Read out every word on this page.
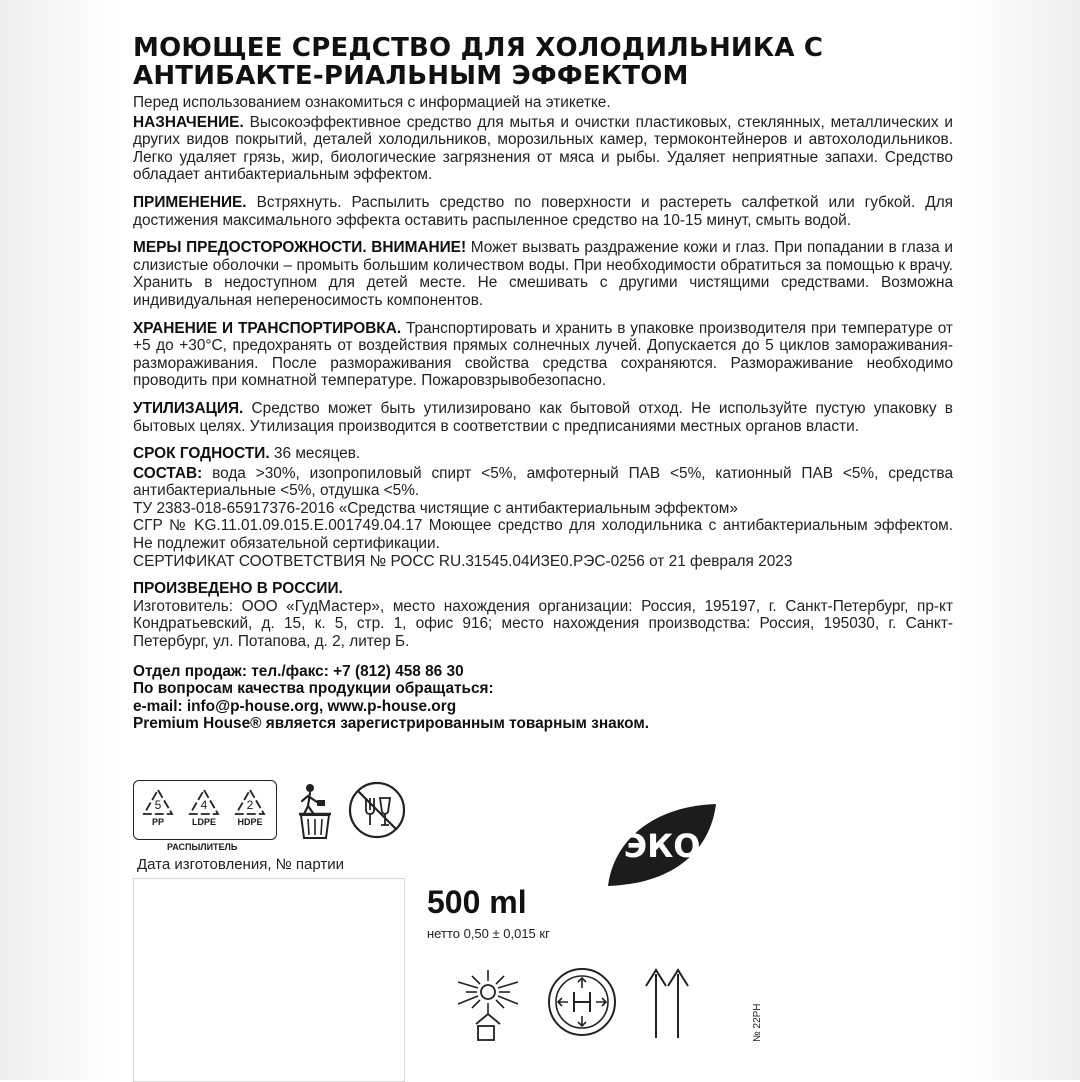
МОЮЩЕЕ СРЕДСТВО ДЛЯ ХОЛОДИЛЬНИКА С АНТИБАКТЕ-РИАЛЬНЫМ ЭФФЕКТОМ
Перед использованием ознакомиться с информацией на этикетке.
НАЗНАЧЕНИЕ. Высокоэффективное средство для мытья и очистки пластиковых, стеклянных, металлических и других видов покрытий, деталей холодильников, морозильных камер, термоконтейнеров и автохолодильников. Легко удаляет грязь, жир, биологические загрязнения от мяса и рыбы. Удаляет неприятные запахи. Средство обладает антибактериальным эффектом.
ПРИМЕНЕНИЕ. Встряхнуть. Распылить средство по поверхности и растереть салфеткой или губкой. Для достижения максимального эффекта оставить распыленное средство на 10-15 минут, смыть водой.
МЕРЫ ПРЕДОСТОРОЖНОСТИ. ВНИМАНИЕ! Может вызвать раздражение кожи и глаз. При попадании в глаза и слизистые оболочки – промыть большим количеством воды. При необходимости обратиться за помощью к врачу. Хранить в недоступном для детей месте. Не смешивать с другими чистящими средствами. Возможна индивидуальная непереносимость компонентов.
ХРАНЕНИЕ И ТРАНСПОРТИРОВКА. Транспортировать и хранить в упаковке производителя при температуре от +5 до +30°С, предохранять от воздействия прямых солнечных лучей. Допускается до 5 циклов замораживания-размораживания. После размораживания свойства средства сохраняются. Размораживание необходимо проводить при комнатной температуре. Пожаровзрывобезопасно.
УТИЛИЗАЦИЯ. Средство может быть утилизировано как бытовой отход. Не используйте пустую упаковку в бытовых целях. Утилизация производится в соответствии с предписаниями местных органов власти.
СРОК ГОДНОСТИ. 36 месяцев.
СОСТАВ: вода >30%, изопропиловый спирт <5%, амфотерный ПАВ <5%, катионный ПАВ <5%, средства антибактериальные <5%, отдушка <5%.
ТУ 2383-018-65917376-2016 «Средства чистящие с антибактериальным эффектом»
СГР № KG.11.01.09.015.Е.001749.04.17 Моющее средство для холодильника с антибактериальным эффектом. Не подлежит обязательной сертификации.
СЕРТИФИКАТ СООТВЕТСТВИЯ № РОСС RU.31545.04ИЗЕ0.РЭС-0256 от 21 февраля 2023
ПРОИЗВЕДЕНО В РОССИИ.
Изготовитель: ООО «ГудМастер», место нахождения организации: Россия, 195197, г. Санкт-Петербург, пр-кт Кондратьевский, д. 15, к. 5, стр. 1, офис 916; место нахождения производства: Россия, 195030, г. Санкт-Петербург, ул. Потапова, д. 2, литер Б.
Отдел продаж: тел./факс: +7 (812) 458 86 30
По вопросам качества продукции обращаться:
e-mail: info@p-house.org, www.p-house.org
Premium House® является зарегистрированным товарным знаком.
5
PP
4
LDPE
2
HDPE
РАСПЫЛИТЕЛЬ	ЭКО
Дата изготовления, № партии
500 ml
нетто 0,50 ± 0,015 кг
№ 22РН
